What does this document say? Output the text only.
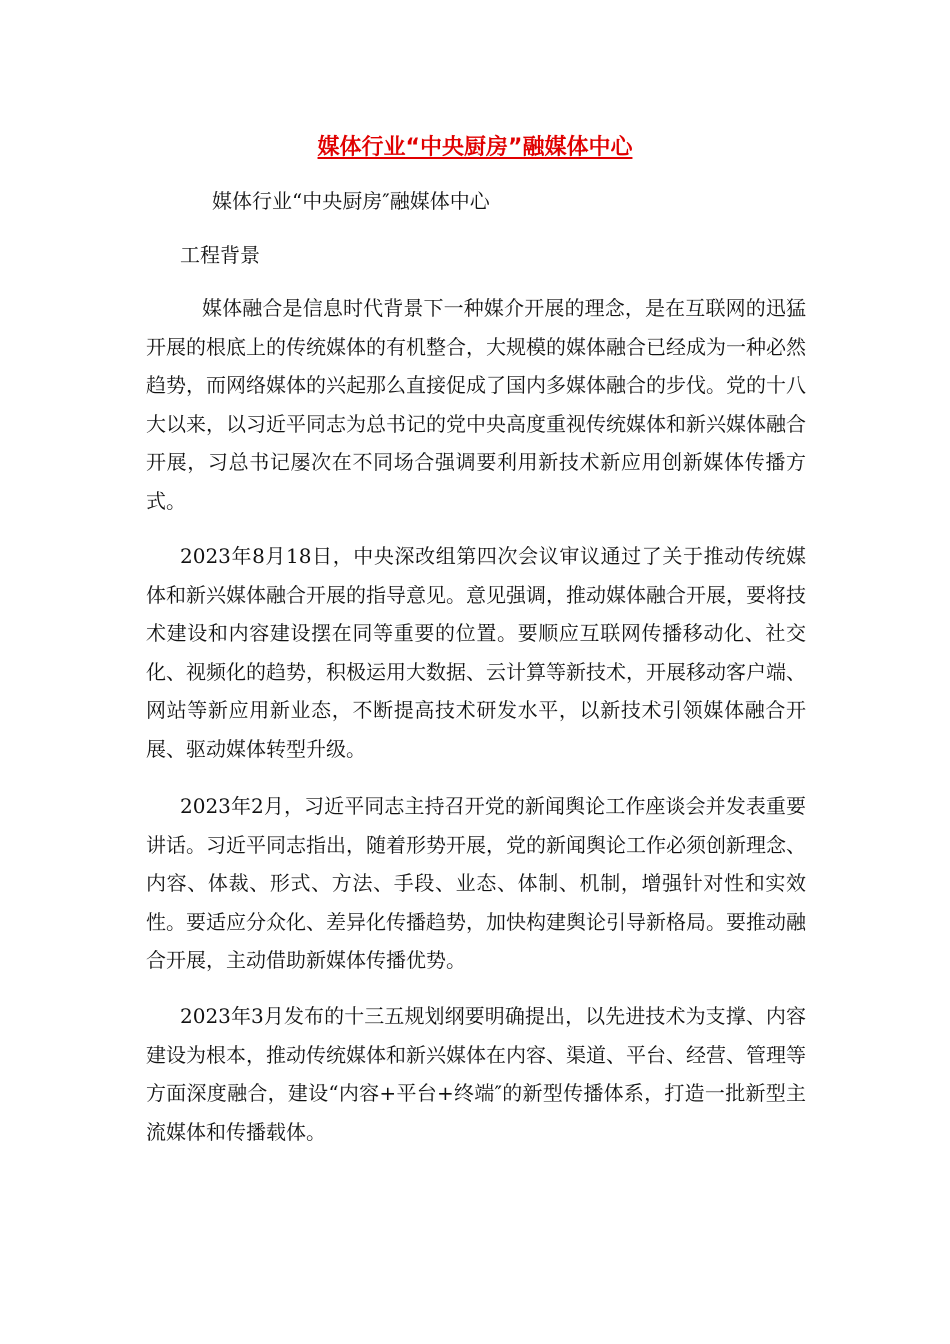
媒体行业“中央厨房”融媒体中心
媒体行业“中央厨房″融媒体中心
工程背景

媒体融合是信息时代背景下一种媒介开展的理念，是在互联网的迅猛开展的根底上的传统媒体的有机整合，大规模的媒体融合已经成为一种必然趋势，而网络媒体的兴起那么直接促成了国内多媒体融合的步伐。党的十八大以来，以习近平同志为总书记的党中央高度重视传统媒体和新兴媒体融合开展，习总书记屡次在不同场合强调要利用新技术新应用创新媒体传播方式。

2023年8月18日，中央深改组第四次会议审议通过了关于推动传统媒体和新兴媒体融合开展的指导意见。意见强调，推动媒体融合开展，要将技术建设和内容建设摆在同等重要的位置。要顺应互联网传播移动化、社交化、视频化的趋势，积极运用大数据、云计算等新技术，开展移动客户端、网站等新应用新业态，不断提高技术研发水平，以新技术引领媒体融合开展、驱动媒体转型升级。

2023年2月，习近平同志主持召开党的新闻舆论工作座谈会并发表重要讲话。习近平同志指出，随着形势开展，党的新闻舆论工作必须创新理念、内容、体裁、形式、方法、手段、业态、体制、机制，增强针对性和实效性。要适应分众化、差异化传播趋势，加快构建舆论引导新格局。要推动融合开展，主动借助新媒体传播优势。

2023年3月发布的十三五规划纲要明确提出，以先进技术为支撑、内容建设为根本，推动传统媒体和新兴媒体在内容、渠道、平台、经营、管理等方面深度融合，建设“内容+平台+终端″的新型传播体系，打造一批新型主流媒体和传播载体。
